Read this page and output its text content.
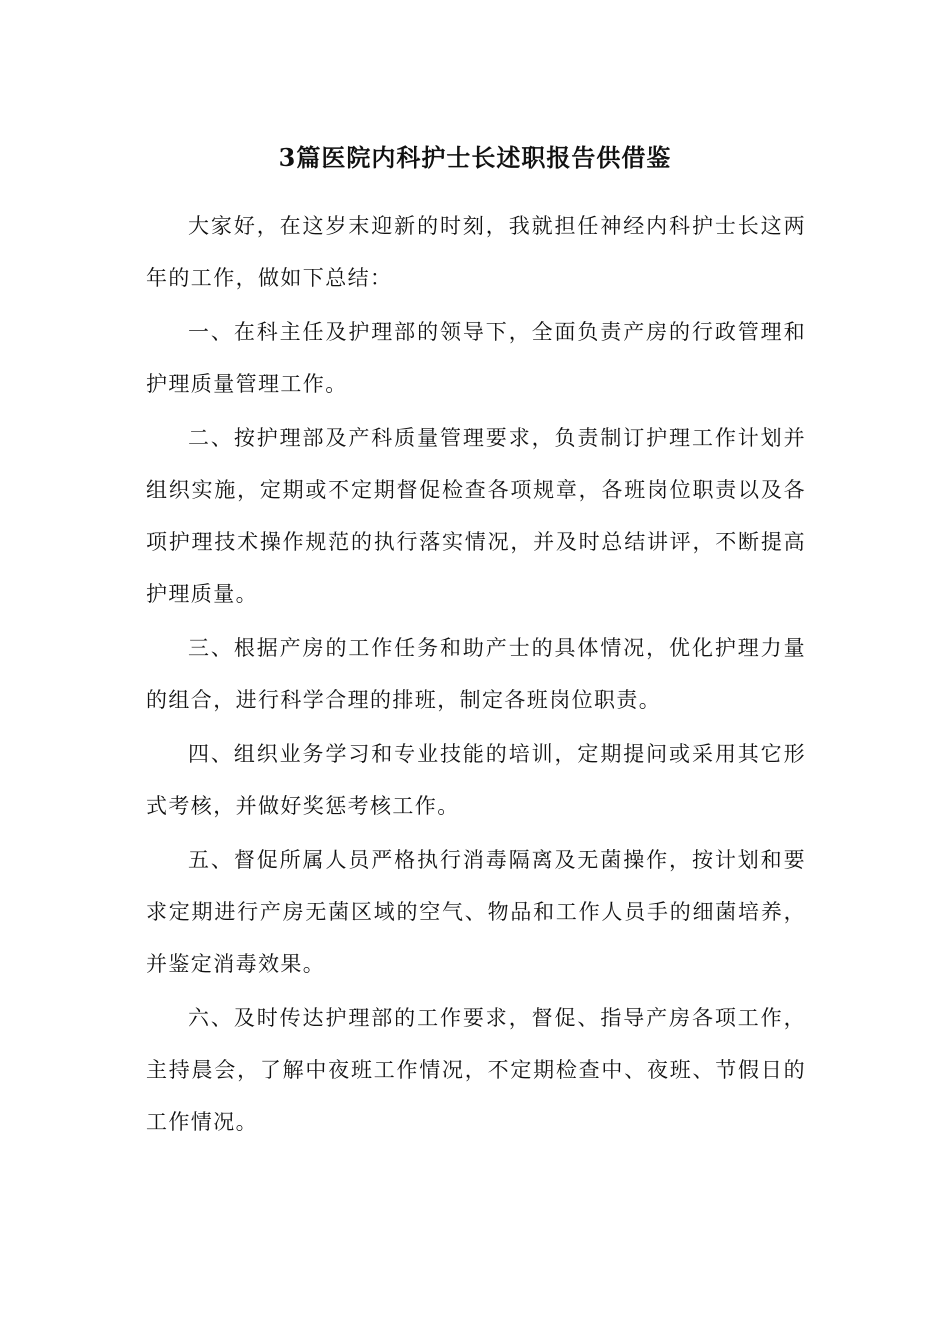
3篇医院内科护士长述职报告供借鉴

大家好，在这岁末迎新的时刻，我就担任神经内科护士长这两年的工作，做如下总结：

一、在科主任及护理部的领导下，全面负责产房的行政管理和护理质量管理工作。

二、按护理部及产科质量管理要求，负责制订护理工作计划并组织实施，定期或不定期督促检查各项规章，各班岗位职责以及各项护理技术操作规范的执行落实情况，并及时总结讲评，不断提高护理质量。

三、根据产房的工作任务和助产士的具体情况，优化护理力量的组合，进行科学合理的排班，制定各班岗位职责。

四、组织业务学习和专业技能的培训，定期提问或采用其它形式考核，并做好奖惩考核工作。

五、督促所属人员严格执行消毒隔离及无菌操作，按计划和要求定期进行产房无菌区域的空气、物品和工作人员手的细菌培养，并鉴定消毒效果。

六、及时传达护理部的工作要求，督促、指导产房各项工作，主持晨会，了解中夜班工作情况，不定期检查中、夜班、节假日的工作情况。
